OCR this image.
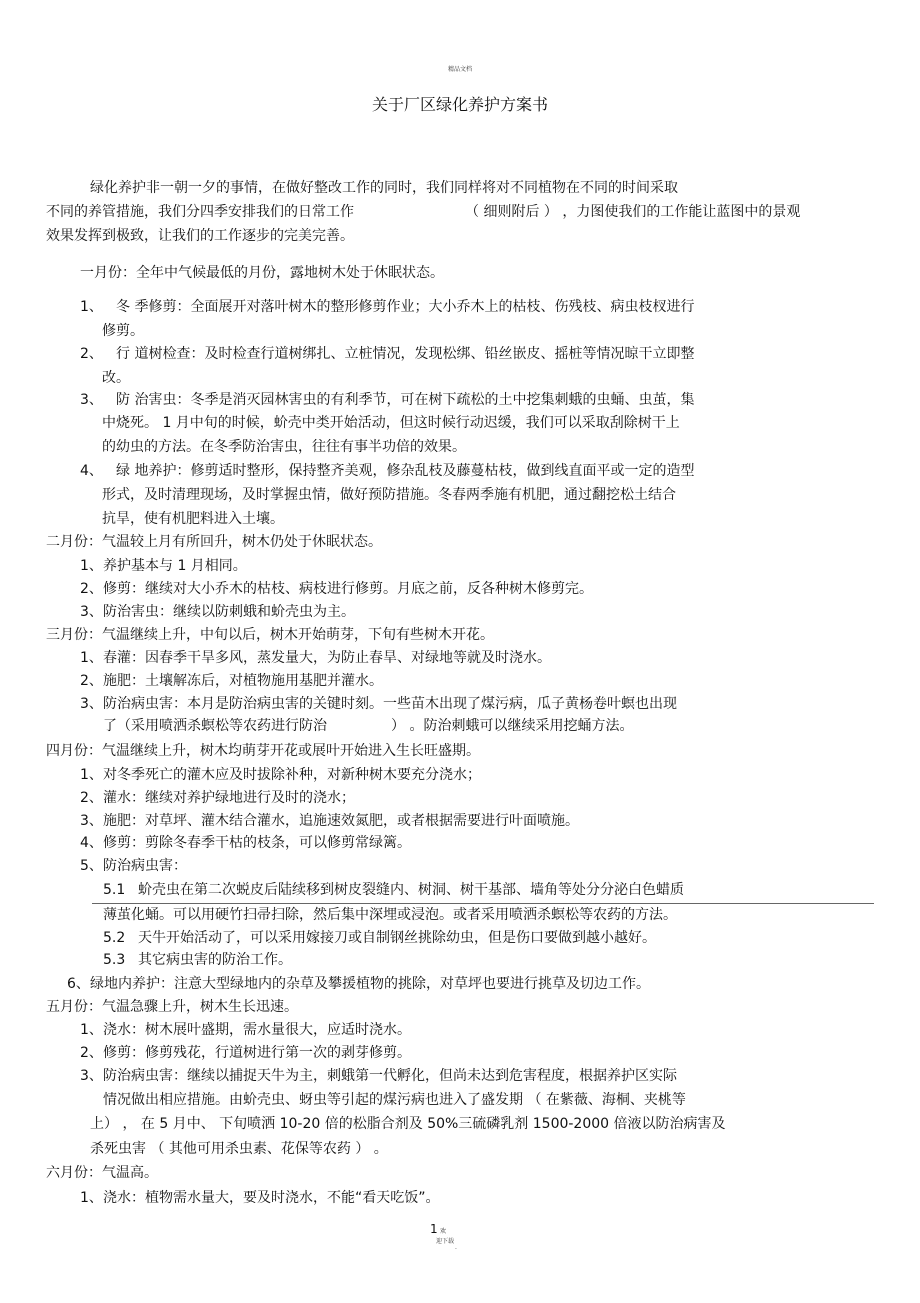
精品文档
关于厂区绿化养护方案书
绿化养护非一朝一夕的事情，在做好整改工作的同时，我们同样将对不同植物在不同的时间采取
不同的养管措施，我们分四季安排我们的日常工作	（ 细则附后 ） ，力图使我们的工作能让蓝图中的景观
效果发挥到极致，让我们的工作逐步的完美完善。
一月份：全年中气候最低的月份，露地树木处于休眠状态。
1、 冬 季修剪：全面展开对落叶树木的整形修剪作业；大小乔木上的枯枝、伤残枝、病虫枝杈进行
修剪。
2、 行 道树检查：及时检查行道树绑扎、立桩情况，发现松绑、铅丝嵌皮、摇桩等情况晾干立即整
改。
3、 防 治害虫：冬季是消灭园林害虫的有利季节，可在树下疏松的土中挖集刺蛾的虫蛹、虫茧，集
中烧死。 1 月中旬的时候，蚧壳中类开始活动，但这时候行动迟缓，我们可以采取刮除树干上
的幼虫的方法。在冬季防治害虫，往往有事半功倍的效果。
4、 绿 地养护：修剪适时整形，保持整齐美观，修杂乱枝及藤蔓枯枝，做到线直面平或一定的造型
形式，及时清理现场，及时掌握虫情，做好预防措施。冬春两季施有机肥，通过翻挖松土结合
抗旱，使有机肥料进入土壤。
二月份：气温较上月有所回升，树木仍处于休眠状态。
1、 养护基本与 1 月相同。
2、 修剪：继续对大小乔木的枯枝、病枝进行修剪。月底之前，反各种树木修剪完。
3、 防治害虫：继续以防刺蛾和蚧壳虫为主。
三月份：气温继续上升，中旬以后，树木开始萌芽，下旬有些树木开花。
1、 春灌：因春季干旱多风，蒸发量大，为防止春旱、对绿地等就及时浇水。
2、 施肥：土壤解冻后，对植物施用基肥并灌水。
3、 防治病虫害：本月是防治病虫害的关键时刻。一些苗木出现了煤污病，瓜子黄杨卷叶螟也出现
了（采用喷洒杀螟松等农药进行防治	） 。防治刺蛾可以继续采用挖蛹方法。
四月份：气温继续上升，树木均萌芽开花或展叶开始进入生长旺盛期。
1、 对冬季死亡的灌木应及时拔除补种，对新种树木要充分浇水；
2、 灌水：继续对养护绿地进行及时的浇水；
3、 施肥：对草坪、灌木结合灌水，追施速效氮肥，或者根据需要进行叶面喷施。
4、 修剪：剪除冬春季干枯的枝条，可以修剪常绿篱。
5、 防治病虫害：
5.1 蚧壳虫在第二次蜕皮后陆续移到树皮裂缝内、树洞、树干基部、墙角等处分分泌白色蜡质
薄茧化蛹。可以用硬竹扫帚扫除，然后集中深埋或浸泡。或者采用喷洒杀螟松等农药的方法。
5.2 天牛开始活动了，可以采用嫁接刀或自制钢丝挑除幼虫，但是伤口要做到越小越好。
5.3 其它病虫害的防治工作。
6、 绿地内养护：注意大型绿地内的杂草及攀援植物的挑除，对草坪也要进行挑草及切边工作。
五月份：气温急骤上升，树木生长迅速。
1、 浇水：树木展叶盛期，需水量很大，应适时浇水。
2、 修剪：修剪残花，行道树进行第一次的剥芽修剪。
3、 防治病虫害：继续以捕捉天牛为主，刺蛾第一代孵化，但尚未达到危害程度，根据养护区实际
情况做出相应措施。由蚧壳虫、蚜虫等引起的煤污病也进入了盛发期 （ 在紫薇、海桐、夹桃等
上） ， 在 5 月中、 下旬喷洒 10-20 倍的松脂合剂及 50%三硫磷乳剂 1500-2000 倍液以防治病害及
杀死虫害 （ 其他可用杀虫素、花保等农药 ） 。
六月份：气温高。
1、 浇水：植物需水量大，要及时浇水，不能“看天吃饭”。
1 欢
迎下载
.
